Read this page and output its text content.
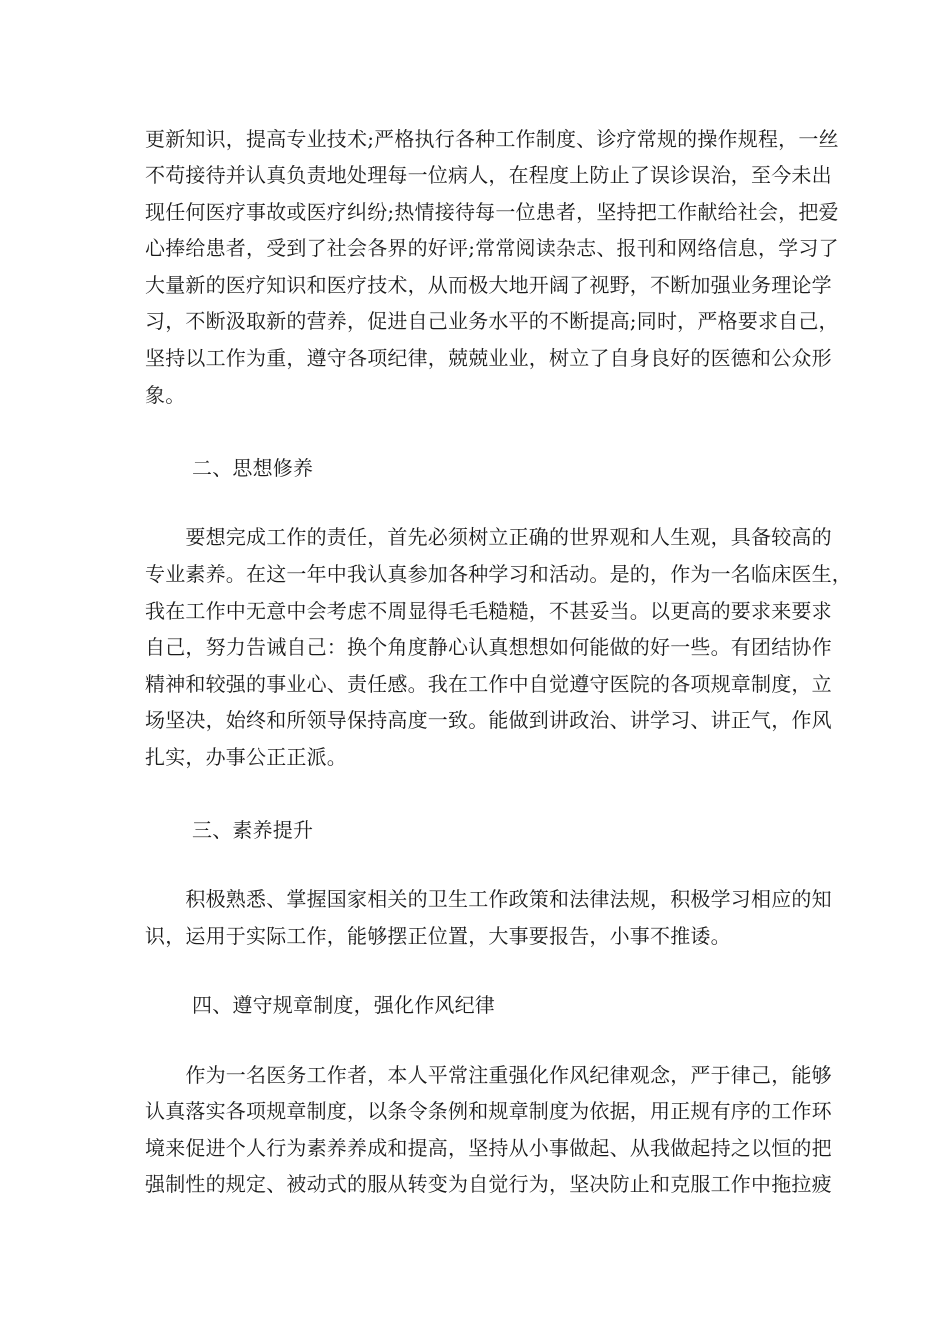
更新知识，提高专业技术;严格执行各种工作制度、诊疗常规的操作规程，一丝
不苟接待并认真负责地处理每一位病人，在程度上防止了误诊误治，至今未出
现任何医疗事故或医疗纠纷;热情接待每一位患者，坚持把工作献给社会，把爱
心捧给患者，受到了社会各界的好评;常常阅读杂志、报刊和网络信息，学习了
大量新的医疗知识和医疗技术，从而极大地开阔了视野，不断加强业务理论学
习，不断汲取新的营养，促进自己业务水平的不断提高;同时，严格要求自己，
坚持以工作为重，遵守各项纪律，兢兢业业，树立了自身良好的医德和公众形
象。
二、思想修养
　　要想完成工作的责任，首先必须树立正确的世界观和人生观，具备较高的
专业素养。在这一年中我认真参加各种学习和活动。是的，作为一名临床医生，
我在工作中无意中会考虑不周显得毛毛糙糙，不甚妥当。以更高的要求来要求
自己，努力告诫自己：换个角度静心认真想想如何能做的好一些。有团结协作
精神和较强的事业心、责任感。我在工作中自觉遵守医院的各项规章制度，立
场坚决，始终和所领导保持高度一致。能做到讲政治、讲学习、讲正气，作风
扎实，办事公正正派。
三、素养提升
　　积极熟悉、掌握国家相关的卫生工作政策和法律法规，积极学习相应的知
识，运用于实际工作，能够摆正位置，大事要报告，小事不推诿。
四、遵守规章制度，强化作风纪律
　　作为一名医务工作者，本人平常注重强化作风纪律观念，严于律己，能够
认真落实各项规章制度，以条令条例和规章制度为依据，用正规有序的工作环
境来促进个人行为素养养成和提高，坚持从小事做起、从我做起持之以恒的把
强制性的规定、被动式的服从转变为自觉行为，坚决防止和克服工作中拖拉疲
